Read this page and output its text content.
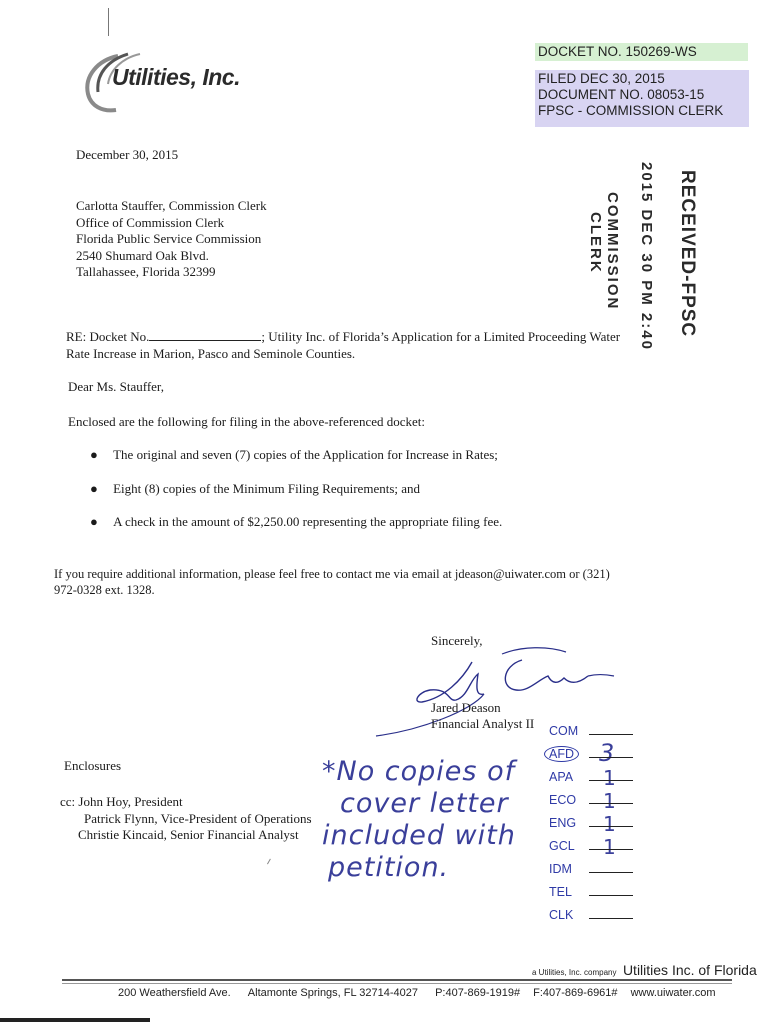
Utilities, Inc.
DOCKET NO. 150269-WS
FILED DEC 30, 2015
DOCUMENT NO. 08053-15
FPSC - COMMISSION CLERK
RECEIVED-FPSC
2015 DEC 30 PM 2:40
COMMISSION
CLERK
December 30, 2015
Carlotta Stauffer, Commission Clerk
Office of Commission Clerk
Florida Public Service Commission
2540 Shumard Oak Blvd.
Tallahassee, Florida 32399
RE: Docket No.	; Utility Inc. of Florida’s Application for a Limited Proceeding Water
Rate Increase in Marion, Pasco and Seminole Counties.
Dear Ms. Stauffer,
Enclosed are the following for filing in the above-referenced docket:
● The original and seven (7) copies of the Application for Increase in Rates;
● Eight (8) copies of the Minimum Filing Requirements; and
● A check in the amount of $2,250.00 representing the appropriate filing fee.
If you require additional information, please feel free to contact me via email at jdeason@uiwater.com or (321)
972-0328 ext. 1328.
Sincerely,
Jared Deason
Financial Analyst II
Enclosures
cc: John Hoy, President
Patrick Flynn, Vice-President of Operations
Christie Kincaid, Senior Financial Analyst
*No copies of
cover letter
included with
petition.
COM
AFD 3
APA 1
ECO 1
ENG 1
GCL 1
IDM
TEL
CLK
a Utilities, Inc. company Utilities Inc. of Florida
200 Weathersfield Ave. Altamonte Springs, FL 32714-4027 P:407-869-1919# F:407-869-6961# www.uiwater.com
